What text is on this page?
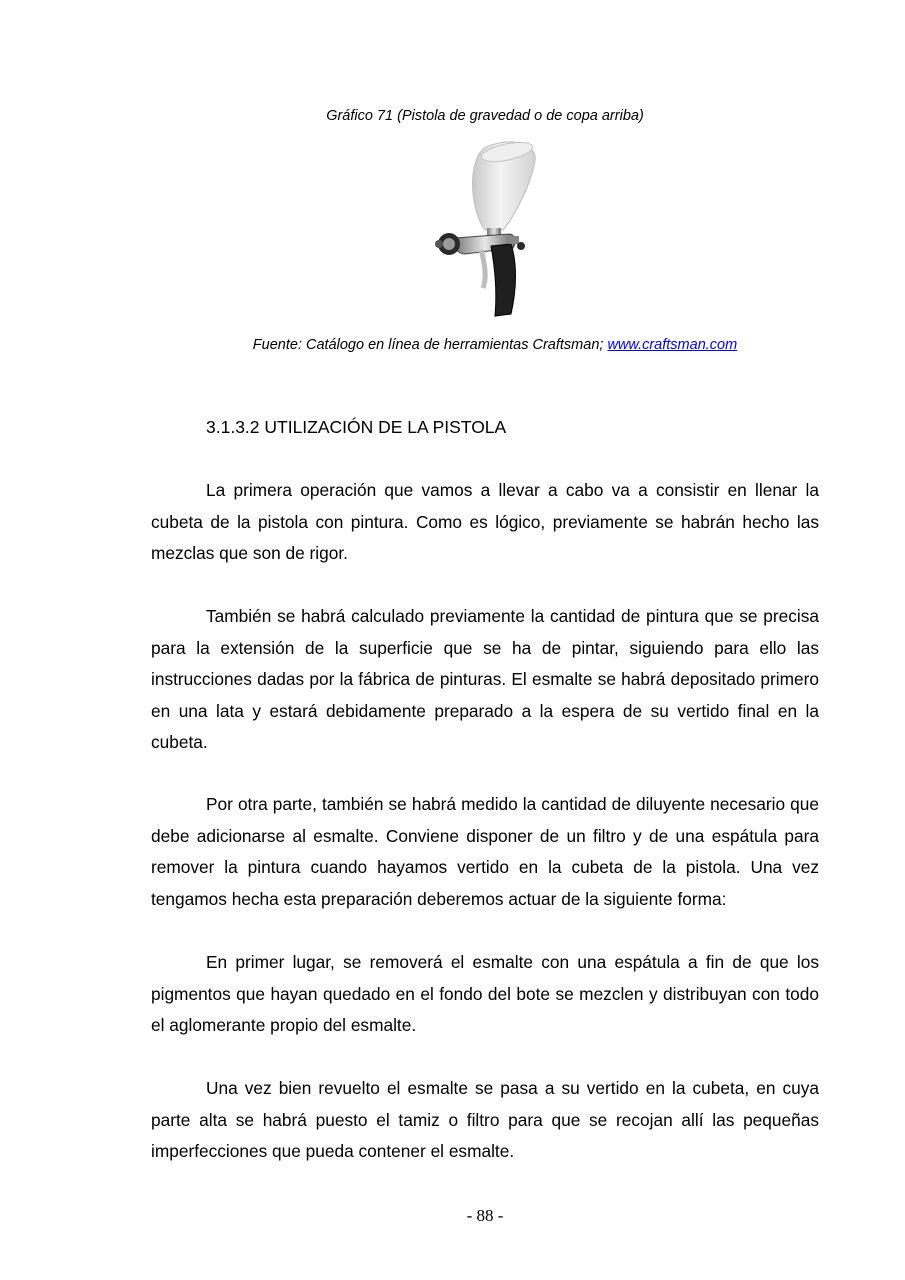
Gráfico 71 (Pistola de gravedad o de copa arriba)
Fuente: Catálogo en línea de herramientas Craftsman; www.craftsman.com
3.1.3.2 UTILIZACIÓN DE LA PISTOLA

La primera operación que vamos a llevar a cabo va a consistir en llenar la cubeta de la pistola con pintura. Como es lógico, previamente se habrán hecho las mezclas que son de rigor.

También se habrá calculado previamente la cantidad de pintura que se precisa para la extensión de la superficie que se ha de pintar, siguiendo para ello las instrucciones dadas por la fábrica de pinturas. El esmalte se habrá depositado primero en una lata y estará debidamente preparado a la espera de su vertido final en la cubeta.

Por otra parte, también se habrá medido la cantidad de diluyente necesario que debe adicionarse al esmalte. Conviene disponer de un filtro y de una espátula para remover la pintura cuando hayamos vertido en la cubeta de la pistola. Una vez tengamos hecha esta preparación deberemos actuar de la siguiente forma:

En primer lugar, se removerá el esmalte con una espátula a fin de que los pigmentos que hayan quedado en el fondo del bote se mezclen y distribuyan con todo el aglomerante propio del esmalte.

Una vez bien revuelto el esmalte se pasa a su vertido en la cubeta, en cuya parte alta se habrá puesto el tamiz o filtro para que se recojan allí las pequeñas imperfecciones que pueda contener el esmalte.

- 88 -
